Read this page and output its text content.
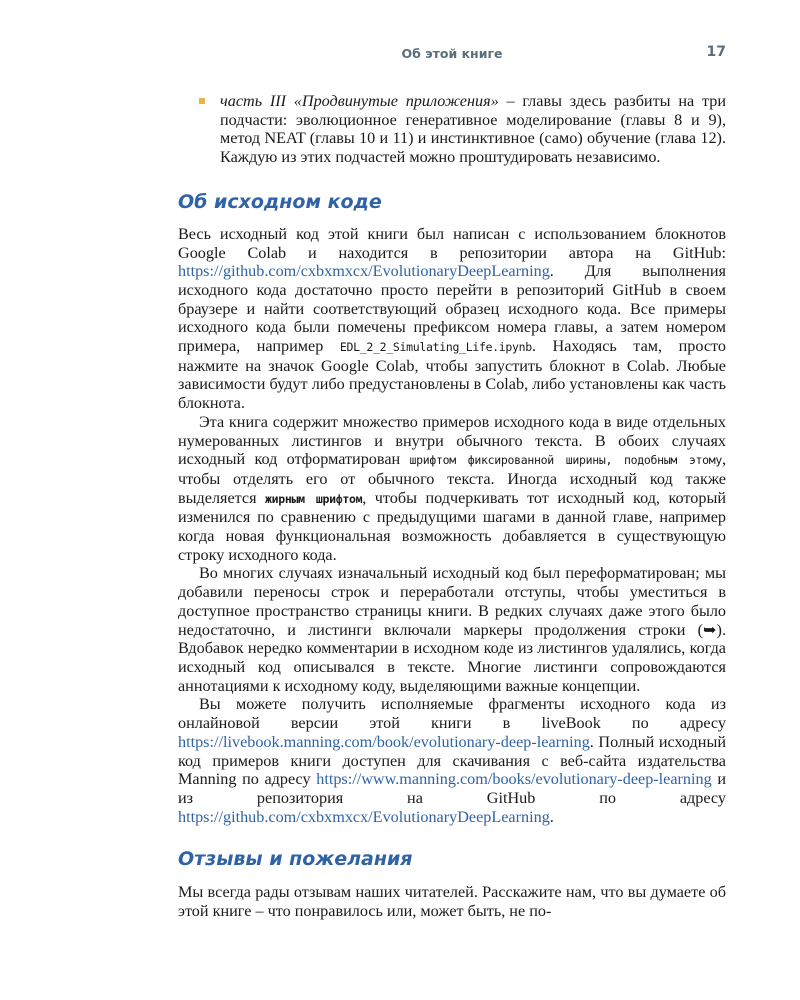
Об этой книге	17
часть III «Продвинутые приложения» – главы здесь разбиты на три подчасти: эволюционное генеративное моделирование (главы 8 и 9), метод NEAT (главы 10 и 11) и инстинктивное (само) обучение (глава 12). Каждую из этих подчастей можно проштудировать независимо.
Об исходном коде

Весь исходный код этой книги был написан с использованием блокнотов Google Colab и находится в репозитории автора на GitHub: https://github.com/cxbxmxcx/EvolutionaryDeepLearning. Для выполнения исходного кода достаточно просто перейти в репозиторий GitHub в своем браузере и найти соответствующий образец исходного кода. Все примеры исходного кода были помечены префиксом номера главы, а затем номером примера, например EDL_2_2_Simulating_Life.ipynb. Находясь там, просто нажмите на значок Google Colab, чтобы запустить блокнот в Colab. Любые зависимости будут либо предустановлены в Colab, либо установлены как часть блокнота.

Эта книга содержит множество примеров исходного кода в виде отдельных нумерованных листингов и внутри обычного текста. В обоих случаях исходный код отформатирован шрифтом фиксированной ширины, подобным этому, чтобы отделять его от обычного текста. Иногда исходный код также выделяется жирным шрифтом, чтобы подчеркивать тот исходный код, который изменился по сравнению с предыдущими шагами в данной главе, например когда новая функциональная возможность добавляется в существующую строку исходного кода.

Во многих случаях изначальный исходный код был переформатирован; мы добавили переносы строк и переработали отступы, чтобы уместиться в доступное пространство страницы книги. В редких случаях даже этого было недостаточно, и листинги включали маркеры продолжения строки (➥). Вдобавок нередко комментарии в исходном коде из листингов удалялись, когда исходный код описывался в тексте. Многие листинги сопровождаются аннотациями к исходному коду, выделяющими важные концепции.

Вы можете получить исполняемые фрагменты исходного кода из онлайновой версии этой книги в liveBook по адресу https://livebook.manning.com/book/evolutionary-deep-learning. Полный исходный код примеров книги доступен для скачивания с веб-сайта издательства Manning по адресу https://www.manning.com/books/evolutionary-deep-learning и из репозитория на GitHub по адресу https://github.com/cxbxmxcx/EvolutionaryDeepLearning.

Отзывы и пожелания

Мы всегда рады отзывам наших читателей. Расскажите нам, что вы думаете об этой книге – что понравилось или, может быть, не по-
